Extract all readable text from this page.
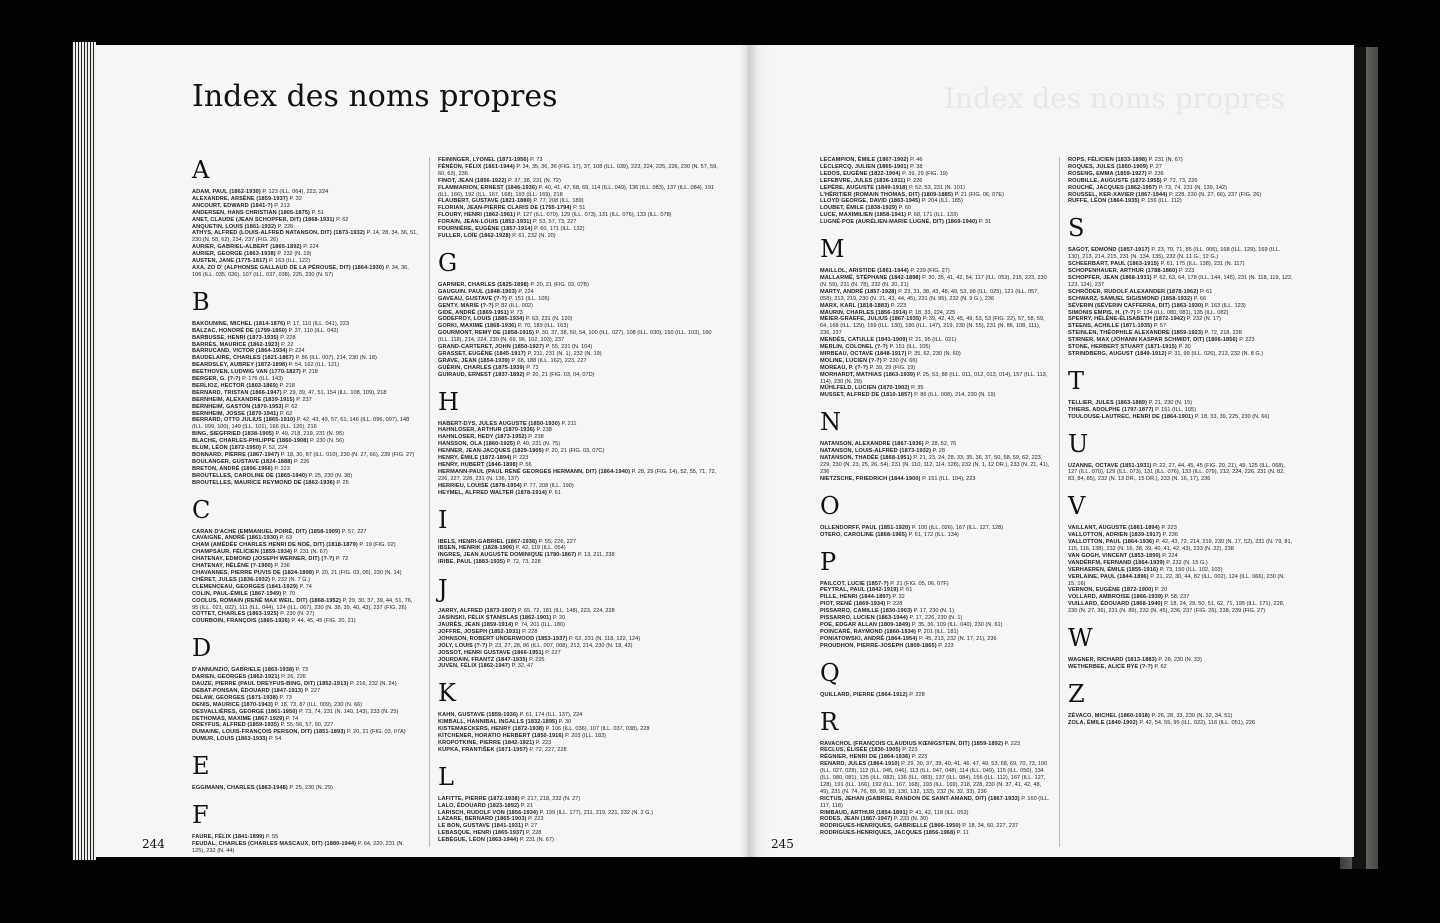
Index des noms propres
A

ADAM, PAUL (1862-1930) P. 123 (ILL. 064), 223, 224

ALEXANDRE, ARSÈNE (1859-1937) P. 32

ANCOURT, EDWARD (1841-?) P. 213

ANDERSEN, HANS CHRISTIAN (1805-1875) P. 51

ANET, CLAUDE (JEAN SCHOPFER, DIT) (1868-1931) P. 62

ANQUETIN, LOUIS (1861-1932) P. 226

ATHYS, ALFRED (LOUIS-ALFRED NATANSON, DIT) (1873-1932) P. 14, 28, 34, 36, 51, 230 (N. 58, 62), 234, 237 (FIG. 26)

AURIER, GABRIEL-ALBERT (1865-1892) P. 224

AURIER, GEORGE (1863-1938) P. 232 (N. 19)

AUSTEN, JANE (1775-1817) P. 163 (ILL. 122)

AXA, ZO D' (ALPHONSE GALLAUD DE LA PÉROUSE, DIT) (1864-1930) P. 34, 36, 106 (ILL. 035, 036), 107 (ILL. 037, 038), 225, 230 (N. 57)

B

BAKOUNINE, MICHEL (1814-1876) P. 17, 110 (ILL. 041), 223

BALZAC, HONORÉ DE (1799-1850) P. 37, 110 (ILL. 042)

BARBUSSE, HENRI (1873-1935) P. 228

BARRÈS, MAURICE (1862-1923) P. 22

BARRUCAND, VICTOR (1864-1934) P. 224

BAUDELAIRE, CHARLES (1821-1867) P. 86 (ILL. 007), 214, 230 (N. 18)

BEARDSLEY, AUBREY (1872-1898) P. 54, 162 (ILL. 121)

BEETHOVEN, LUDWIG VAN (1770-1827) P. 218

BERGER, G. (?-?) P. 176 (ILL. 143)

BERLIOZ, HECTOR (1803-1869) P. 218

BERNARD, TRISTAN (1866-1947) P. 29, 39, 47, 51, 154 (ILL. 108, 109), 218

BERNHEIM, ALEXANDRE (1839-1915) P. 237

BERNHEIM, GASTON (1870-1953) P. 62

BERNHEIM, JOSSE (1870-1941) P. 62

BERRARD, OTTO JULIUS (1865-1910) P. 42, 43, 49, 57, 61, 146 (ILL. 096, 097), 148 (ILL. 099, 100), 149 (ILL. 101), 166 (ILL. 126), 216

BING, SIEGFRIED (1838-1905) P. 49, 218, 219, 231 (N. 95)

BLACHE, CHARLES-PHILIPPE (1860-1908) P. 230 (N. 56)

BLUM, LÉON (1872-1950) P. 52, 224

BONNARD, PIERRE (1867-1947) P. 18, 30, 87 (ILL. 010), 230 (N. 27, 66), 239 (FIG. 27)

BOULANGER, GUSTAVE (1824-1888) P. 226

BRETON, ANDRÉ (1896-1966) P. 223

BROUTELLES, CAROLINE DE (1865-1940) P. 25, 230 (N. 38)

BROUTELLES, MAURICE REYMOND DE (1862-1936) P. 25

C

CARAN D'ACHE (EMMANUEL POIRÉ, DIT) (1858-1909) P. 57, 227

CAVAIGNE, ANDRÉ (1861-1930) P. 63

CHAM (AMÉDÉE CHARLES HENRI DE NOÉ, DIT) (1818-1879) P. 19 (FIG. 02)

CHAMPSAUR, FÉLICIEN (1859-1934) P. 231 (N. 67)

CHATENAY, EDMOND (JOSEPH WERNER, DIT) (?-?) P. 72

CHATENAY, HÉLÈNE (?-1900) P. 236

CHAVANNES, PIERRE PUVIS DE (1824-1898) P. 20, 21 (FIG. 03, 05), 230 (N. 14)

CHÉRET, JULES (1836-1932) P. 232 (N. 7 G.)

CLEMENCEAU, GEORGES (1841-1929) P. 74

COLIN, PAUL-ÉMILE (1867-1949) P. 70

COOLUS, ROMAIN (RENÉ MAX WEIL, DIT) (1868-1952) P. 29, 30, 37, 39, 44, 51, 76, 95 (ILL. 021, 022), 111 (ILL. 044), 124 (ILL. 067), 230 (N. 38, 39, 40, 43), 237 (FIG. 26)

COTTET, CHARLES (1863-1925) P. 230 (N. 27)

COURBOIN, FRANÇOIS (1865-1926) P. 44, 45, 45 (FIG. 20, 21)

D

D'ANNUNZIO, GABRIELE (1863-1938) P. 73

DARIEN, GEORGES (1862-1921) P. 26, 226

DAUZE, PIERRE (PAUL DREYFUS-BING, DIT) (1852-1913) P. 216, 232 (N. 24)

DEBAT-PONSAN, ÉDOUARD (1847-1913) P. 227

DELAW, GEORGES (1871-1938) P. 73

DENIS, MAURICE (1870-1943) P. 18, 73, 87 (ILL. 009), 230 (N. 66)

DESVALLIÈRES, GEORGE (1861-1950) P. 73, 74, 231 (N. 140, 143), 233 (N. 25)

DETHOMAS, MAXIME (1867-1929) P. 74

DREYFUS, ALFRED (1859-1935) P. 55, 56, 57, 60, 227

DUMAINE, LOUIS-FRANÇOIS PERSON, DIT) (1851-1893) P. 20, 21 (FIG. 03, 07A)

DUMUR, LOUIS (1863-1933) P. 54

E

EGGIMANN, CHARLES (1863-1948) P. 25, 230 (N. 29)

F

FAURE, FÉLIX (1841-1899) P. 55

FEUDAL, CHARLES (CHARLES MASCAUX, DIT) (1880-1944) P. 64, 220, 231 (N. 125), 232 (N. 44)

FEININGER, LYONEL (1871-1956) P. 73

FÉNÉON, FÉLIX (1861-1944) P. 34, 35, 36, 36 (FIG. 17), 37, 108 (ILL. 039), 223, 224, 225, 226, 230 (N. 57, 59, 60, 63), 236

FINOT, JEAN (1856-1922) P. 37, 38, 231 (N. 72)

FLAMMARION, ERNEST (1846-1936) P. 40, 41, 47, 68, 69, 114 (ILL. 049), 136 (ILL. 083), 137 (ILL. 084), 191 (ILL. 166), 192 (ILL. 167, 168), 193 (ILL. 169), 218

FLAUBERT, GUSTAVE (1821-1880) P. 77, 208 (ILL. 189)

FLORIAN, JEAN-PIERRE CLARIS DE (1755-1794) P. 51

FLOURY, HENRI (1862-1961) P. 127 (ILL. 070), 129 (ILL. 073), 131 (ILL. 076), 133 (ILL. 078)

FORAIN, JEAN-LOUIS (1852-1931) P. 53, 57, 73, 227

FOURNIÈRE, EUGÈNE (1857-1914) P. 60, 171 (ILL. 132)

FULLER, LOÏE (1862-1928) P. 61, 232 (N. 20)

G

GARNIER, CHARLES (1825-1898) P. 20, 21 (FIG. 03, 07B)

GAUGUIN, PAUL (1848-1903) P. 224

GAVEAU, GUSTAVE (?-?) P. 151 (ILL. 105)

GENTY, MARIE (?-?) P. 82 (ILL. 002)

GIDE, ANDRÉ (1869-1951) P. 73

GODEFROY, LOUIS (1885-1934) P. 63, 231 (N. 120)

GORKI, MAXIME (1868-1936) P. 70, 189 (ILL. 163)

GOURMONT, REMY DE (1858-1915) P. 30, 37, 38, 50, 54, 100 (ILL. 027), 108 (ILL. 030), 150 (ILL. 103), 160 (ILL. 118), 214, 224, 230 (N. 69, 96, 102, 103), 237

GRAND-CARTERET, JOHN (1850-1927) P. 55, 231 (N. 104)

GRASSET, EUGÈNE (1845-1917) P. 211, 231 (N. 1), 232 (N. 19)

GRAVE, JEAN (1854-1939) P. 68, 188 (ILL. 162), 223, 227

GUÉRIN, CHARLES (1875-1939) P. 73

GUIRAUD, ERNEST (1837-1892) P. 20, 21 (FIG. 03, 04, 07D)

H

HABERT-DYS, JULES AUGUSTE (1850-1930) P. 211

HAHNLOSER, ARTHUR (1870-1936) P. 238

HAHNLOSER, HEDY (1873-1952) P. 238

HANSSON, OLA (1860-1925) P. 40, 231 (N. 75)

HENNER, JEAN-JACQUES (1829-1905) P. 20, 21 (FIG. 03, 07C)

HENRY, ÉMILE (1872-1894) P. 223

HENRY, HUBERT (1846-1898) P. 56

HERMANN-PAUL (PAUL RENÉ GEORGES HERMANN, DIT) (1864-1940) P. 28, 29 (FIG. 14), 52, 55, 71, 72, 226, 227, 228, 231 (N. 136, 137)

HERRIEU, LOUISE (1878-1954) P. 77, 208 (ILL. 190)

HEYMEL, ALFRED WALTER (1878-1914) P. 61

I

IBELS, HENRI-GABRIEL (1867-1936) P. 55, 226, 227

IBSEN, HENRIK (1828-1906) P. 42, 119 (ILL. 054)

INGRES, JEAN AUGUSTE DOMINIQUE (1780-1867) P. 13, 211, 238

IRIBE, PAUL (1883-1935) P. 72, 73, 228

J

JARRY, ALFRED (1873-1907) P. 65, 72, 181 (ILL. 148), 223, 224, 228

JASINSKI, FÉLIX STANISLAS (1862-1901) P. 20

JAURÈS, JEAN (1859-1914) P. 74, 201 (ILL. 180)

JOFFRE, JOSEPH (1852-1931) P. 228

JOHNSON, ROBERT UNDERWOOD (1853-1937) P. 62, 231 (N. 118, 122, 124)

JOLY, LOUIS (?-?) P. 23, 27, 28, 86 (ILL. 007, 008), 213, 214, 230 (N. 18, 43)

JOSSOT, HENRI GUSTAVE (1866-1951) P. 227

JOURDAIN, FRANTZ (1847-1935) P. 225

JUVEN, FÉLIX (1862-1947) P. 32, 47

K

KAHN, GUSTAVE (1859-1936) P. 61, 174 (ILL. 137), 224

KIMBALL, HANNIBAL INGALLS (1832-1895) P. 30

KISTEMAECKERS, HENRY (1872-1938) P. 106 (ILL. 036), 107 (ILL. 037, 038), 228

KITCHENER, HORATIO HERBERT (1850-1916) P. 203 (ILL. 183)

KROPOTKINE, PIERRE (1842-1921) P. 223

KUPKA, FRANTIŠEK (1871-1957) P. 72, 227, 228

L

LAFITTE, PIERRE (1872-1938) P. 217, 218, 232 (N. 27)

LALO, ÉDOUARD (1823-1892) P. 21

LARISCH, RUDOLF VON (1856-1934) P. 199 (ILL. 177), 211, 219, 221, 232 (N. 2 G.)

LAZARE, BERNARD (1865-1903) P. 223

LE BON, GUSTAVE (1841-1931) P. 27

LEBASQUE, HENRI (1865-1937) P. 228

LEBÈGUE, LÉON (1863-1944) P. 231 (N. 67)

244
Index des noms propres

LECAMPION, ÉMILE (1867-1902) P. 46

LECLERCQ, JULIEN (1865-1901) P. 38

LEDOS, EUGÈNE (1822-1904) P. 39, 29 (FIG. 19)

LEFEBVRE, JULES (1836-1911) P. 226

LEPÈRE, AUGUSTE (1849-1918) P. 52, 53, 231 (N. 101)

L'HÉRITIER (ROMAIN THOMAS, DIT) (1809-1885) P. 21 (FIG. 06, 07E)

LLOYD GEORGE, DAVID (1863-1945) P. 204 (ILL. 185)

LOUBET, ÉMILE (1838-1929) P. 60

LUCE, MAXIMILIEN (1858-1941) P. 68, 171 (ILL. 133)

LUGNÉ-POE (AURÉLIEN-MARIE LUGNÉ, DIT) (1869-1940) P. 31

M

MAILLOL, ARISTIDE (1861-1944) P. 239 (FIG. 27)

MALLARMÉ, STÉPHANE (1842-1898) P. 30, 35, 41, 42, 54, 117 (ILL. 052), 215, 223, 230 (N. 59), 231 (N. 78), 232 (N. 20, 21)

MARTY, ANDRÉ (1857-1928) P. 23, 31, 38, 43, 48, 49, 53, 98 (ILL. 025), 121 (ILL. 057, 058), 213, 219, 230 (N. 21, 43, 44, 45), 231 (N. 95), 232 (N. 9 G.), 236

MARX, KARL (1818-1883) P. 223

MAURIN, CHARLES (1856-1914) P. 18, 33, 224, 225

MEIER-GRAEFE, JULIUS (1867-1935) P. 39, 42, 43, 45, 49, 53, 53 (FIG. 22), 57, 58, 59, 64, 168 (ILL. 129), 169 (ILL. 130), 180 (ILL. 147), 219, 230 (N. 55), 231 (N. 86, 108, 111), 236, 237

MENDÈS, CATULLE (1841-1909) P. 21, 95 (ILL. 021)

MERLIN, COLONEL (?-?) P. 151 (ILL. 105)

MIRBEAU, OCTAVE (1848-1917) P. 35, 62, 230 (N. 60)

MOLINE, LUCIEN (?-?) P. 230 (N. 66)

MOREAU, P. (?-?) P. 39, 29 (FIG. 19)

MORHARDT, MATHIAS (1863-1939) P. 25, 53, 88 (ILL. 011, 012, 013, 014), 157 (ILL. 113, 114), 230 (N. 29)

MÜHLFELD, LUCIEN (1870-1902) P. 35

MUSSET, ALFRED DE (1810-1857) P. 86 (ILL. 008), 214, 230 (N. 19)

N

NATANSON, ALEXANDRE (1867-1936) P. 28, 52, 76

NATANSON, LOUIS-ALFRED (1873-1932) P. 28

NATANSON, THADÉE (1868-1951) P. 21, 23, 24, 28, 33, 35, 36, 37, 50, 58, 59, 62, 223, 229, 230 (N. 23, 25, 26, 54), 231 (N. 110, 112, 114, 128), 232 (N. 1, 12 DR.), 233 (N. 21, 41), 236

NIETZSCHE, FRIEDRICH (1844-1900) P. 151 (ILL. 104), 223

O

OLLENDORFF, PAUL (1851-1920) P. 100 (ILL. 026), 167 (ILL. 127, 128)

OTERO, CAROLINE (1868-1965) P. 61, 172 (ILL. 134)

P

PAILCOT, LUCIE (1857-?) P. 21 (FIG. 05, 06, 07F)

PEYTRAL, PAUL (1842-1919) P. 61

PILLE, HENRI (1844-1897) P. 32

PIOT, RENÉ (1869-1934) P. 228

PISSARRO, CAMILLE (1830-1903) P. 17, 230 (N. 1)

PISSARRO, LUCIEN (1863-1944) P. 17, 226, 230 (N. 1)

POE, EDGAR ALLAN (1809-1849) P. 35, 36, 109 (ILL. 040), 230 (N. 61)

POINCARÉ, RAYMOND (1860-1934) P. 201 (ILL. 181)

PONIATOWSKI, ANDRÉ (1864-1954) P. 45, 213, 232 (N. 17, 21), 236

PROUDHON, PIERRE-JOSEPH (1809-1865) P. 223

Q

QUILLARD, PIERRE (1864-1912) P. 228

R

RAVACHOL (FRANÇOIS CLAUDIUS KŒNIGSTEIN, DIT) (1859-1892) P. 223

RECLUS, ÉLISÉE (1830-1905) P. 223

RÉGNIER, HENRI DE (1864-1936) P. 223

RENARD, JULES (1864-1910) P. 29, 30, 37, 39, 40, 41, 46, 47, 49, 53, 68, 69, 70, 73, 100 (ILL. 027, 028), 112 (ILL. 045, 046), 113 (ILL. 047, 048), 114 (ILL. 049), 115 (ILL. 050), 134 (ILL. 080, 081), 135 (ILL. 082), 136 (ILL. 083), 137 (ILL. 084), 156 (ILL. 112), 167 (ILL. 127, 128), 191 (ILL. 166), 192 (ILL. 167, 168), 193 (ILL. 169), 218, 228, 230 (N. 37, 41, 42, 48, 49), 231 (N. 74, 76, 89, 90, 93, 130, 132, 133), 232 (N. 32, 33), 236

RICTUS, JEHAN (GABRIEL RANDON DE SAINT-AMAND, DIT) (1867-1933) P. 160 (ILL. 117, 118)

RIMBAUD, ARTHUR (1854-1891) P. 41, 42, 118 (ILL. 053)

RODES, JEAN (1867-1947) P. 233 (N. 30)

RODRIGUES-HENRIQUES, GABRIELLE (1866-1950) P. 18, 34, 60, 227, 237

RODRIGUES-HENRIQUES, JACQUES (1856-1968) P. 11

ROPS, FÉLICIEN (1833-1898) P. 231 (N. 67)

ROQUES, JULES (1850-1909) P. 27

ROSENG, EMMA (1859-1927) P. 236

ROUBILLE, AUGUSTE (1872-1955) P. 72, 73, 226

ROUCHÉ, JACQUES (1862-1957) P. 73, 74, 231 (N. 139, 142)

ROUSSEL, KER-XAVIER (1867-1944) P. 228, 230 (N. 27, 66), 237 (FIG. 26)

RUFFE, LÉON (1864-1935) P. 156 (ILL. 112)

S

SAGOT, EDMOND (1857-1917) P. 23, 70, 71, 85 (ILL. 006), 168 (ILL. 129), 169 (ILL. 130), 213, 214, 215, 231 (N. 134, 135), 232 (N. 11 G., 12 G.)

SCHEERBART, PAUL (1863-1915) P. 61, 175 (ILL. 138), 231 (N. 117)

SCHOPENHAUER, ARTHUR (1788-1860) P. 223

SCHOPFER, JEAN (1868-1931) P. 62, 63, 64, 178 (ILL. 144, 145), 231 (N. 118, 119, 122, 123, 124), 237

SCHRÖDER, RUDOLF ALEXANDER (1878-1962) P. 61

SCHWARZ, SAMUEL SIGISMOND (1858-1932) P. 66

SÉVERIN (SÉVERIN CAFFERRA, DIT) (1863-1930) P. 163 (ILL. 123)

SIMONIS EMPIS, H. (?-?) P. 134 (ILL. 080, 081), 135 (ILL. 082)

SPERRY, HÉLÈNE-ÉLISABETH (1872-1942) P. 232 (N. 17)

STEENS, ACHILLE (1871-1935) P. 57

STEINLEN, THÉOPHILE ALEXANDRE (1859-1923) P. 72, 218, 228

STIRNER, MAX (JOHANN KASPAR SCHMIDT, DIT) (1806-1856) P. 223

STONE, HERBERT STUART (1871-1915) P. 30

STRINDBERG, AUGUST (1849-1912) P. 31, 99 (ILL. 026), 213, 232 (N. 8 G.)

T

TELLIER, JULES (1863-1889) P. 21, 230 (N. 15)

THIERS, ADOLPHE (1797-1877) P. 151 (ILL. 105)

TOULOUSE-LAUTREC, HENRI DE (1864-1901) P. 18, 33, 39, 225, 230 (N. 66)

U

UZANNE, OCTAVE (1851-1931) P. 22, 27, 44, 45, 45 (FIG. 20, 21), 49, 125 (ILL. 068), 127 (ILL. 070), 129 (ILL. 073), 131 (ILL. 076), 133 (ILL. 079), 212, 224, 226, 231 (N. 82, 83, 84, 85), 232 (N. 13 DR., 15 DR.), 233 (N. 16, 17), 236

V

VAILLANT, AUGUSTE (1861-1894) P. 223

VALLOTTON, ADRIEN (1839-1917) P. 236

VALLOTTON, PAUL (1864-1936) P. 42, 43, 72, 214, 219, 230 (N. 17, 52), 231 (N. 79, 81, 115, 116, 138), 232 (N. 16, 38, 39, 40, 41, 42, 43), 233 (N. 22), 238

VAN GOGH, VINCENT (1853-1890) P. 224

VANDÉRFM, FERNAND (1864-1939) P. 232 (N. 15 G.)

VERHAEREN, ÉMILE (1855-1916) P. 73, 150 (ILL. 102, 103)

VERLAINE, PAUL (1844-1896) P. 21, 22, 30, 44, 82 (ILL. 002), 124 (ILL. 066), 230 (N. 15, 16)

VERNON, EUGÈNE (1872-1900) P. 20

VOLLARD, AMBROISE (1866-1939) P. 58, 237

VUILLARD, ÉDOUARD (1868-1940) P. 18, 24, 29, 50, 51, 62, 71, 195 (ILL. 171), 228, 230 (N. 27, 36), 231 (N. 89), 232 (N. 45), 236, 237 (FIG. 26), 238, 239 (FIG. 27)

W

WAGNER, RICHARD (1813-1883) P. 28, 230 (N. 33)

WETHERBEE, ALICE RYE (?-?) P. 62

Z

ZÉVACO, MICHEL (1860-1918) P. 26, 28, 33, 230 (N. 32, 34, 51)

ZOLA, ÉMILE (1840-1902) P. 42, 54, 55, 95 (ILL. 022), 116 (ILL. 051), 226

245
